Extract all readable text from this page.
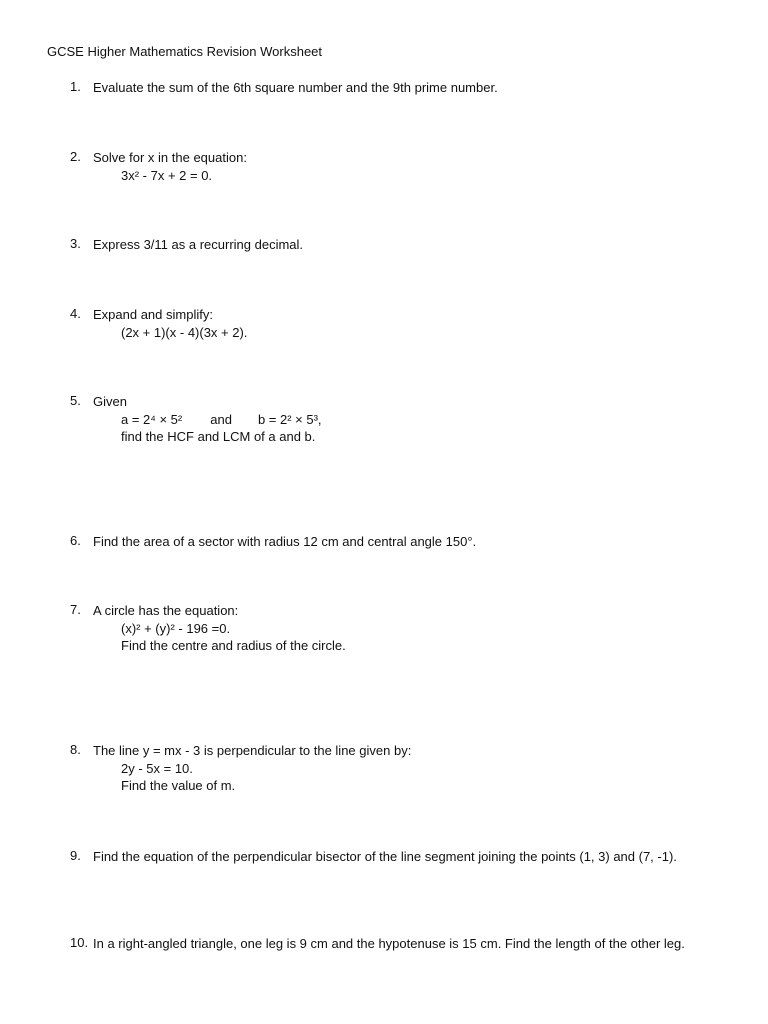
GCSE Higher Mathematics Revision Worksheet
1. Evaluate the sum of the 6th square number and the 9th prime number.
2. Solve for x in the equation:
3x² - 7x + 2 = 0.
3. Express 3/11 as a recurring decimal.
4. Expand and simplify:
(2x + 1)(x - 4)(3x + 2).
5. Given
a = 2⁴ × 5² and b = 2² × 5³,
find the HCF and LCM of a and b.
6. Find the area of a sector with radius 12 cm and central angle 150°.
7. A circle has the equation:
(x)² + (y)² - 196 =0.
Find the centre and radius of the circle.
8. The line y = mx - 3 is perpendicular to the line given by:
2y - 5x = 10.
Find the value of m.
9. Find the equation of the perpendicular bisector of the line segment joining the points (1, 3) and (7, -1).
10. In a right-angled triangle, one leg is 9 cm and the hypotenuse is 15 cm. Find the length of the other leg.
